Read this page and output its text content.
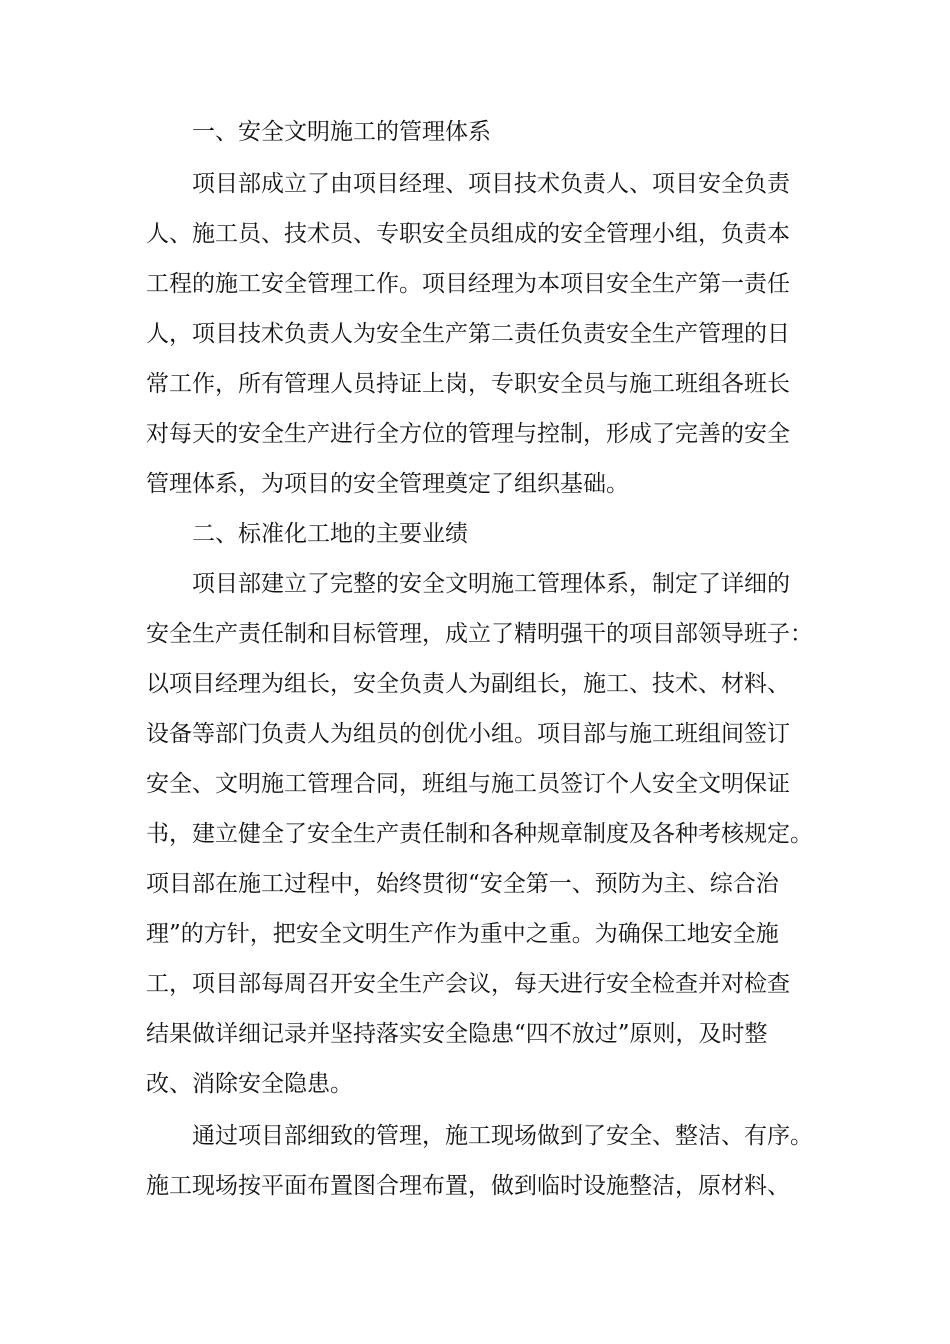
一、安全文明施工的管理体系
项目部成立了由项目经理、项目技术负责人、项目安全负责
人、施工员、技术员、专职安全员组成的安全管理小组，负责本
工程的施工安全管理工作。项目经理为本项目安全生产第一责任
人，项目技术负责人为安全生产第二责任负责安全生产管理的日
常工作，所有管理人员持证上岗，专职安全员与施工班组各班长
对每天的安全生产进行全方位的管理与控制，形成了完善的安全
管理体系，为项目的安全管理奠定了组织基础。
二、标准化工地的主要业绩
项目部建立了完整的安全文明施工管理体系，制定了详细的
安全生产责任制和目标管理，成立了精明强干的项目部领导班子：
以项目经理为组长，安全负责人为副组长，施工、技术、材料、
设备等部门负责人为组员的创优小组。项目部与施工班组间签订
安全、文明施工管理合同，班组与施工员签订个人安全文明保证
书，建立健全了安全生产责任制和各种规章制度及各种考核规定。
项目部在施工过程中，始终贯彻“安全第一、预防为主、综合治
理”的方针，把安全文明生产作为重中之重。为确保工地安全施
工，项目部每周召开安全生产会议，每天进行安全检查并对检查
结果做详细记录并坚持落实安全隐患“四不放过”原则，及时整
改、消除安全隐患。
通过项目部细致的管理，施工现场做到了安全、整洁、有序。
施工现场按平面布置图合理布置，做到临时设施整洁，原材料、
